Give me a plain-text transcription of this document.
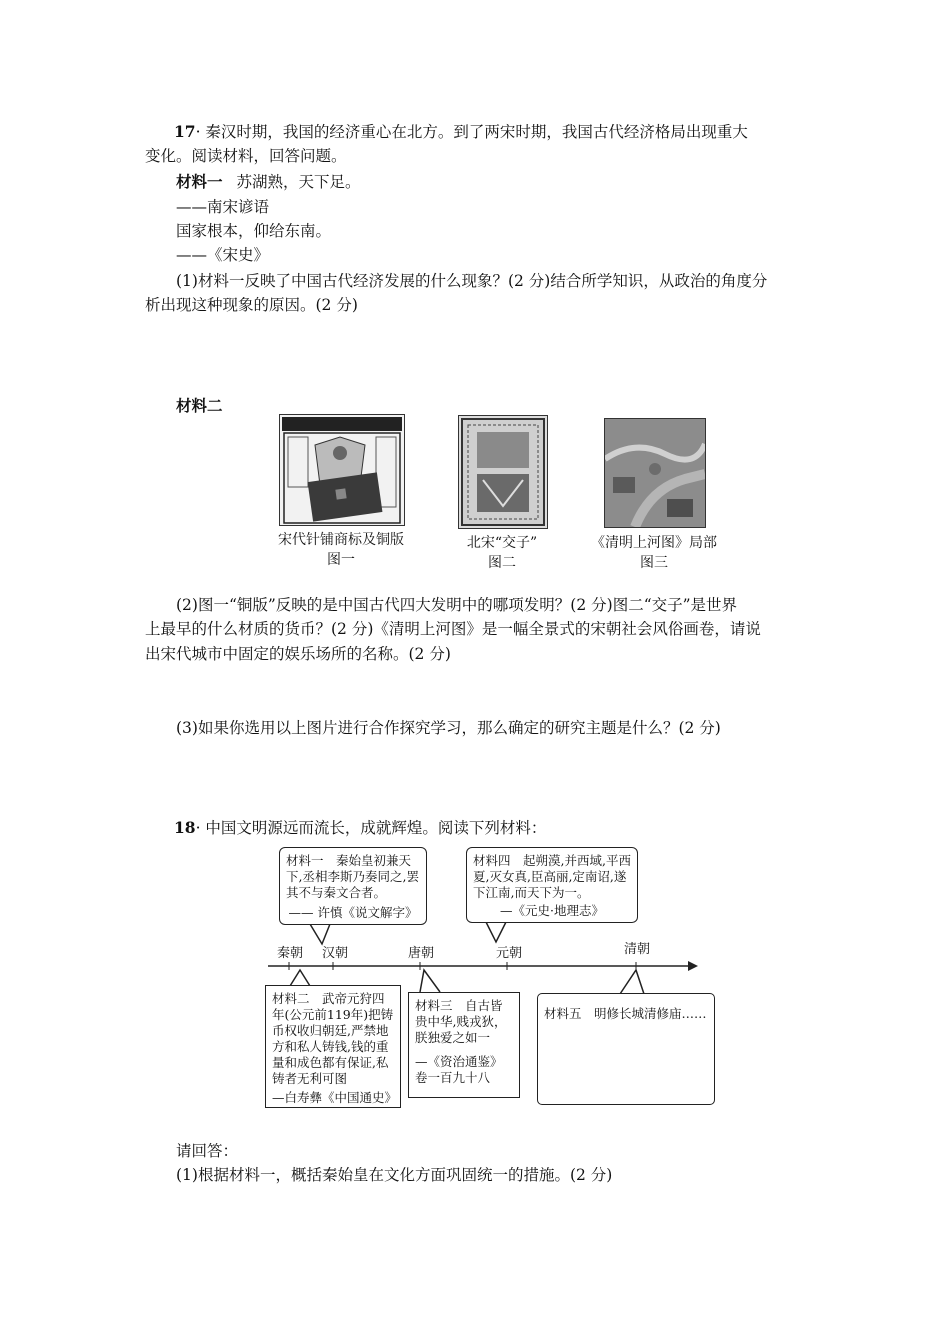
17· 秦汉时期，我国的经济重心在北方。到了两宋时期，我国古代经济格局出现重大
变化。阅读材料，回答问题。
材料一 苏湖熟，天下足。
——南宋谚语
国家根本，仰给东南。
——《宋史》
(1)材料一反映了中国古代经济发展的什么现象？(2 分)结合所学知识，从政治的角度分
析出现这种现象的原因。(2 分)
材料二
宋代针铺商标及铜版
图一
北宋“交子”
图二
《清明上河图》局部
图三
(2)图一“铜版”反映的是中国古代四大发明中的哪项发明？(2 分)图二“交子”是世界
上最早的什么材质的货币？(2 分)《清明上河图》是一幅全景式的宋朝社会风俗画卷，请说
出宋代城市中固定的娱乐场所的名称。(2 分)
(3)如果你选用以上图片进行合作探究学习，那么确定的研究主题是什么？(2 分)
18· 中国文明源远而流长，成就辉煌。阅读下列材料：
秦朝 汉朝	唐朝	元朝	清朝
材料一　秦始皇初兼天下,丞相李斯乃奏同之,罢其不与秦文合者。
—— 许慎《说文解字》
材料四　起朔漠,并西域,平西夏,灭女真,臣高丽,定南诏,遂下江南,而天下为一。
—《元史·地理志》
材料二　武帝元狩四年(公元前119年)把铸币权收归朝廷,严禁地方和私人铸钱,钱的重量和成色都有保证,私铸者无利可图
—白寿彝《中国通史》
材料三　自古皆贵中华,贱戎狄，朕独爱之如一
—《资治通鉴》卷一百九十八
材料五　明修长城清修庙……
请回答：
(1)根据材料一，概括秦始皇在文化方面巩固统一的措施。(2 分)
